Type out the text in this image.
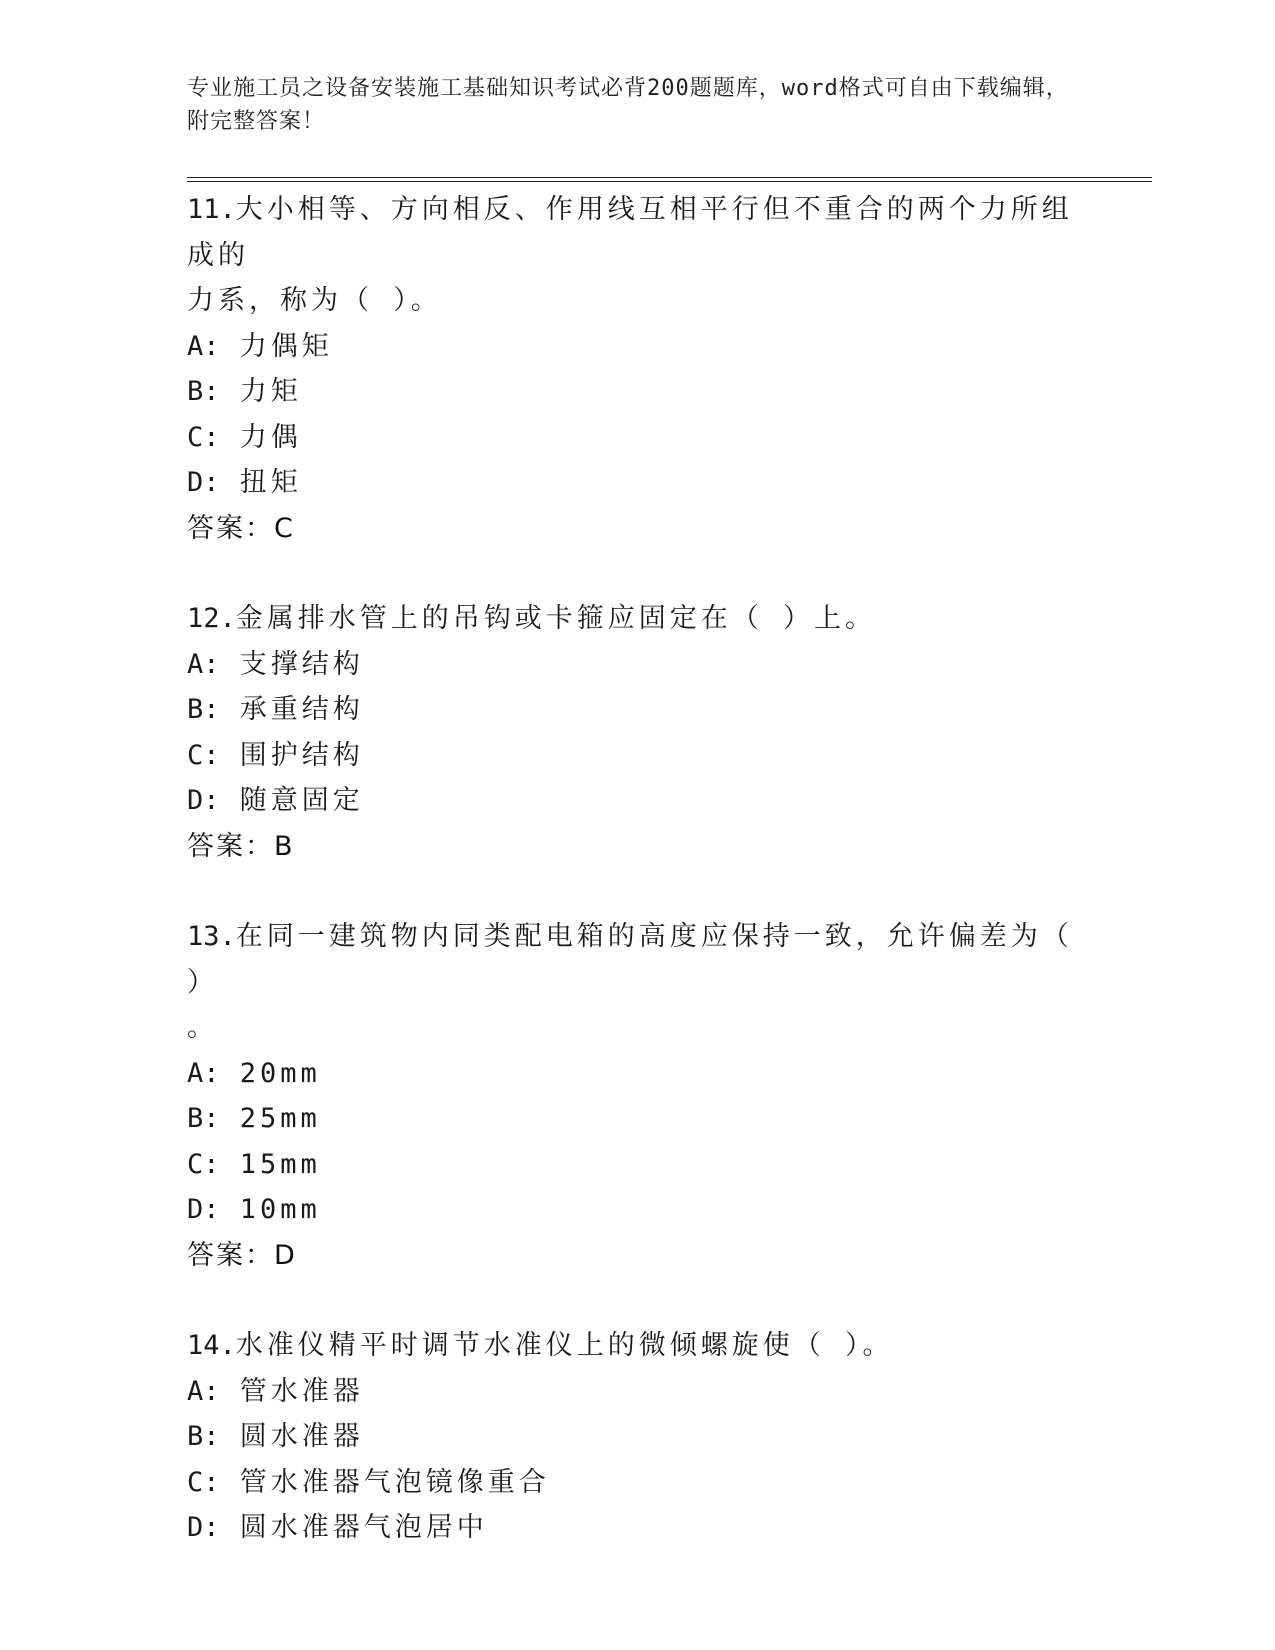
专业施工员之设备安装施工基础知识考试必背200题题库，word格式可自由下载编辑，附完整答案！
11.大小相等、方向相反、作用线互相平行但不重合的两个力所组成的
力系，称为（ ）。
A: 力偶矩
B: 力矩
C: 力偶
D: 扭矩
答案：C
12.金属排水管上的吊钩或卡箍应固定在（ ）上。
A: 支撑结构
B: 承重结构
C: 围护结构
D: 随意固定
答案：B
13.在同一建筑物内同类配电箱的高度应保持一致，允许偏差为（ ）
。
A: 20mm
B: 25mm
C: 15mm
D: 10mm
答案：D
14.水准仪精平时调节水准仪上的微倾螺旋使（ ）。
A: 管水准器
B: 圆水准器
C: 管水准器气泡镜像重合
D: 圆水准器气泡居中
